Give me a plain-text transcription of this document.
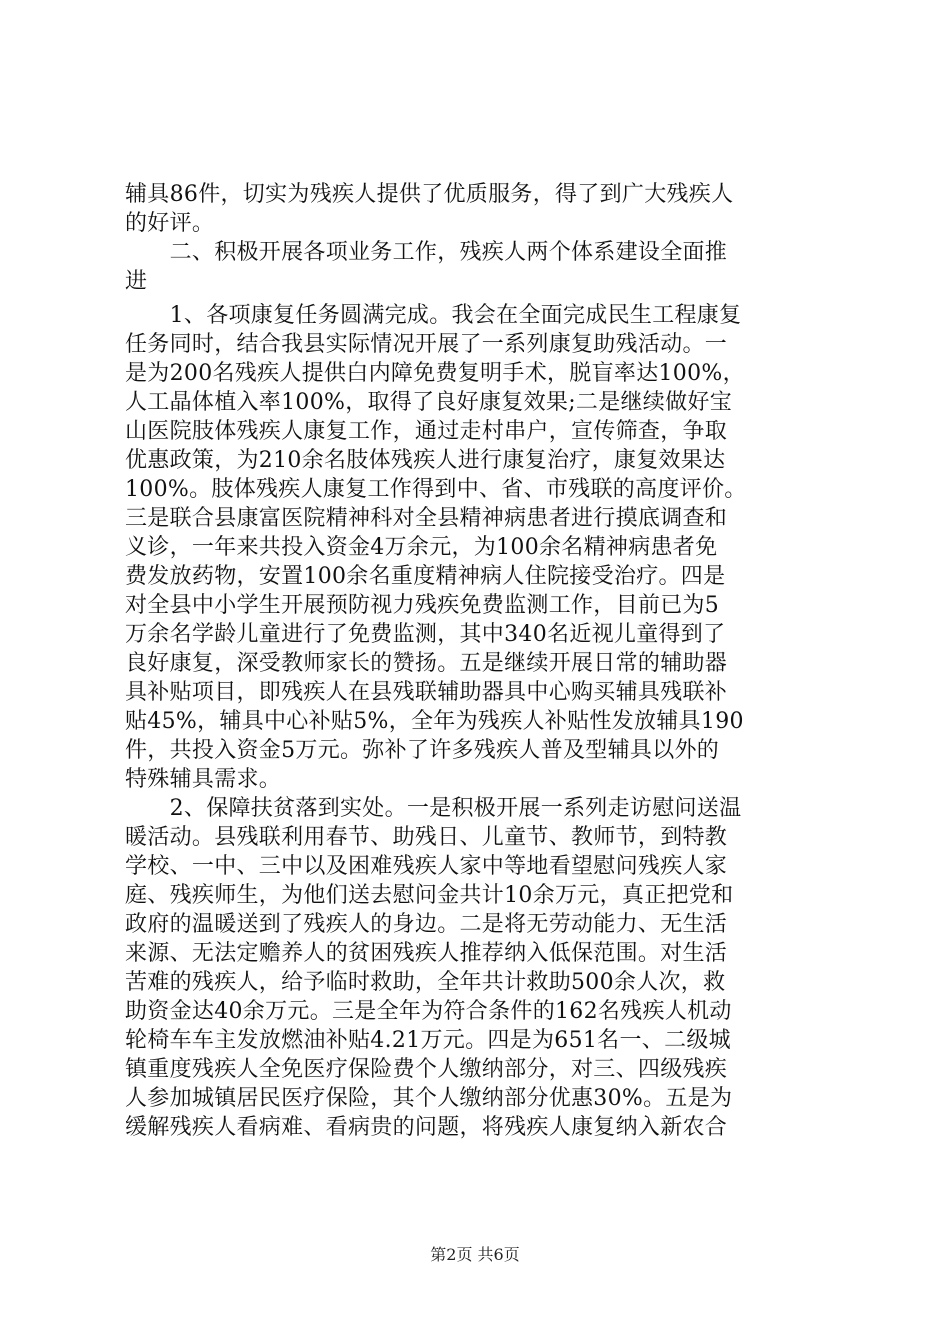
辅具86件，切实为残疾人提供了优质服务，得了到广大残疾人
的好评。
　　二、积极开展各项业务工作，残疾人两个体系建设全面推
进
　　1、各项康复任务圆满完成。我会在全面完成民生工程康复
任务同时，结合我县实际情况开展了一系列康复助残活动。一
是为200名残疾人提供白内障免费复明手术，脱盲率达100%，
人工晶体植入率100%，取得了良好康复效果;二是继续做好宝
山医院肢体残疾人康复工作，通过走村串户，宣传筛查，争取
优惠政策，为210余名肢体残疾人进行康复治疗，康复效果达
100%。肢体残疾人康复工作得到中、省、市残联的高度评价。
三是联合县康富医院精神科对全县精神病患者进行摸底调查和
义诊，一年来共投入资金4万余元，为100余名精神病患者免
费发放药物，安置100余名重度精神病人住院接受治疗。四是
对全县中小学生开展预防视力残疾免费监测工作，目前已为5
万余名学龄儿童进行了免费监测，其中340名近视儿童得到了
良好康复，深受教师家长的赞扬。五是继续开展日常的辅助器
具补贴项目，即残疾人在县残联辅助器具中心购买辅具残联补
贴45%，辅具中心补贴5%，全年为残疾人补贴性发放辅具190
件，共投入资金5万元。弥补了许多残疾人普及型辅具以外的
特殊辅具需求。
　　2、保障扶贫落到实处。一是积极开展一系列走访慰问送温
暖活动。县残联利用春节、助残日、儿童节、教师节，到特教
学校、一中、三中以及困难残疾人家中等地看望慰问残疾人家
庭、残疾师生，为他们送去慰问金共计10余万元，真正把党和
政府的温暖送到了残疾人的身边。二是将无劳动能力、无生活
来源、无法定赡养人的贫困残疾人推荐纳入低保范围。对生活
苦难的残疾人，给予临时救助，全年共计救助500余人次，救
助资金达40余万元。三是全年为符合条件的162名残疾人机动
轮椅车车主发放燃油补贴4.21万元。四是为651名一、二级城
镇重度残疾人全免医疗保险费个人缴纳部分，对三、四级残疾
人参加城镇居民医疗保险，其个人缴纳部分优惠30%。五是为
缓解残疾人看病难、看病贵的问题，将残疾人康复纳入新农合
第2页 共6页
